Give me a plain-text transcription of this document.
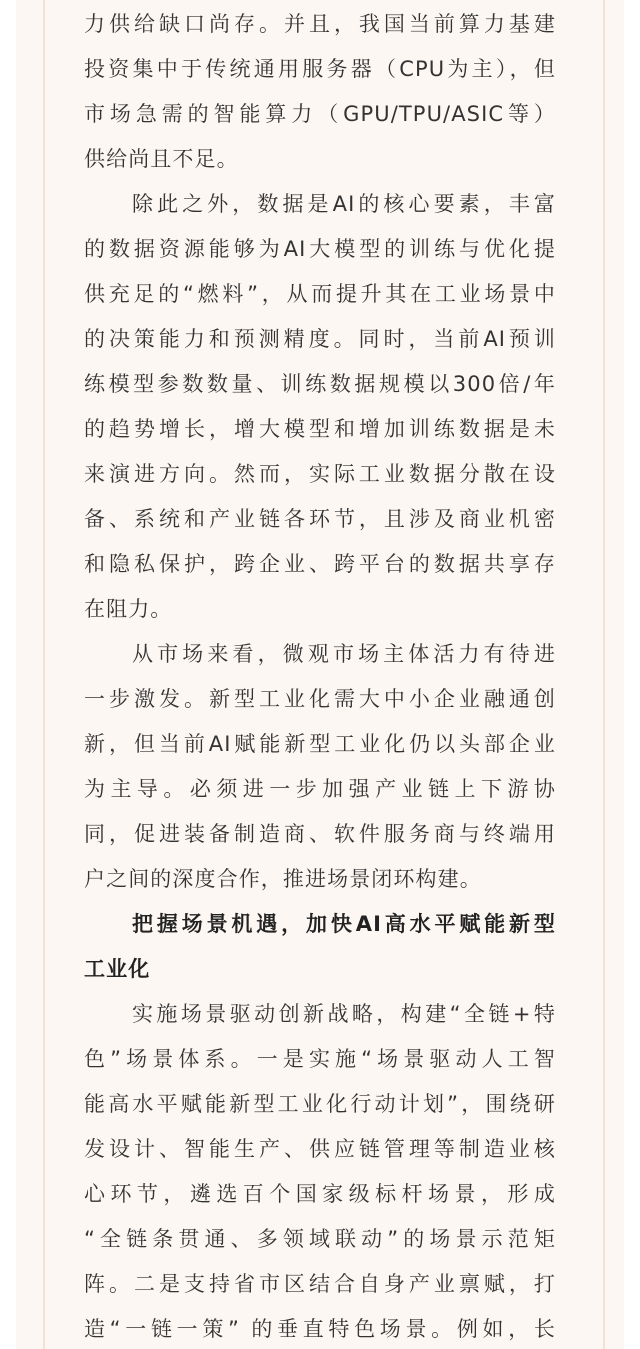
力供给缺口尚存。并且，我国当前算力基建
投资集中于传统通用服务器（CPU为主），但
市场急需的智能算力（GPU/TPU/ASIC等）
供给尚且不足。
除此之外，数据是AI的核心要素，丰富
的数据资源能够为AI大模型的训练与优化提
供充足的“燃料”，从而提升其在工业场景中
的决策能力和预测精度。同时，当前AI预训
练模型参数数量、训练数据规模以300倍/年
的趋势增长，增大模型和增加训练数据是未
来演进方向。然而，实际工业数据分散在设
备、系统和产业链各环节，且涉及商业机密
和隐私保护，跨企业、跨平台的数据共享存
在阻力。
从市场来看，微观市场主体活力有待进
一步激发。新型工业化需大中小企业融通创
新，但当前AI赋能新型工业化仍以头部企业
为主导。必须进一步加强产业链上下游协
同，促进装备制造商、软件服务商与终端用
户之间的深度合作，推进场景闭环构建。
把握场景机遇，加快AI高水平赋能新型
工业化
实施场景驱动创新战略，构建“全链+特
色”场景体系。一是实施“场景驱动人工智
能高水平赋能新型工业化行动计划”，围绕研
发设计、智能生产、供应链管理等制造业核
心环节，遴选百个国家级标杆场景，形成
“全链条贯通、多领域联动”的场景示范矩
阵。二是支持省市区结合自身产业禀赋，打
造“一链一策” 的垂直特色场景。例如，长
